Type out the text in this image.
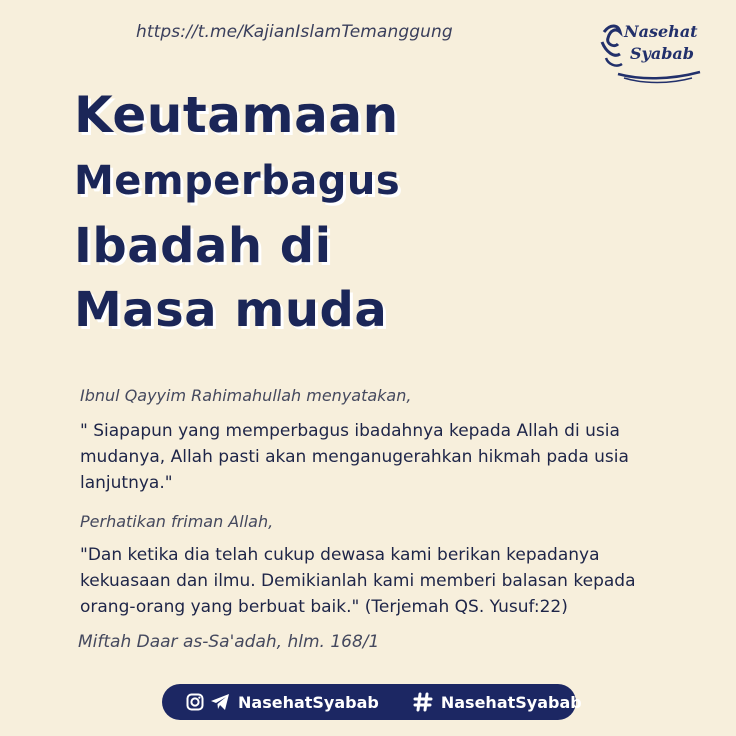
https://t.me/KajianIslamTemanggung	Nasehat
Syabab
Keutamaan
Memperbagus
Ibadah di
Masa muda
Ibnul Qayyim Rahimahullah menyatakan,

" Siapapun yang memperbagus ibadahnya kepada Allah di usia mudanya, Allah pasti akan menganugerahkan hikmah pada usia lanjutnya."

Perhatikan friman Allah,

"Dan ketika dia telah cukup dewasa kami berikan kepadanya kekuasaan dan ilmu. Demikianlah kami memberi balasan kepada orang-orang yang berbuat baik." (Terjemah QS. Yusuf:22)

Miftah Daar as-Sa'adah, hlm. 168/1
NasehatSyabab	NasehatSyabab
